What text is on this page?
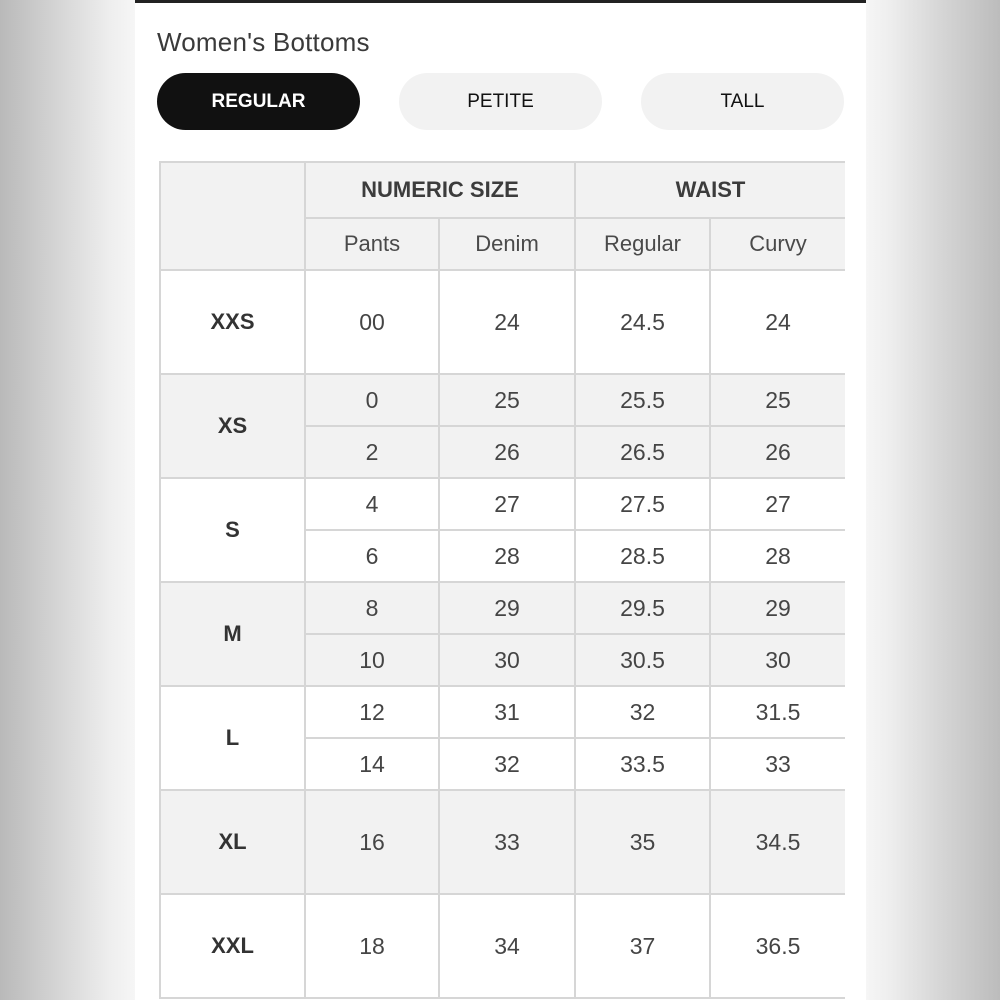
Women's Bottoms
REGULAR	PETITE	TALL
	NUMERIC SIZE		WAIST	
	Pants	Denim	Regular	Curvy
XXS	00	24	24.5	24
XS	0	25	25.5	25
	2	26	26.5	26
S	4	27	27.5	27
	6	28	28.5	28
M	8	29	29.5	29
	10	30	30.5	30
L	12	31	32	31.5
	14	32	33.5	33
XL	16	33	35	34.5
XXL	18	34	37	36.5
